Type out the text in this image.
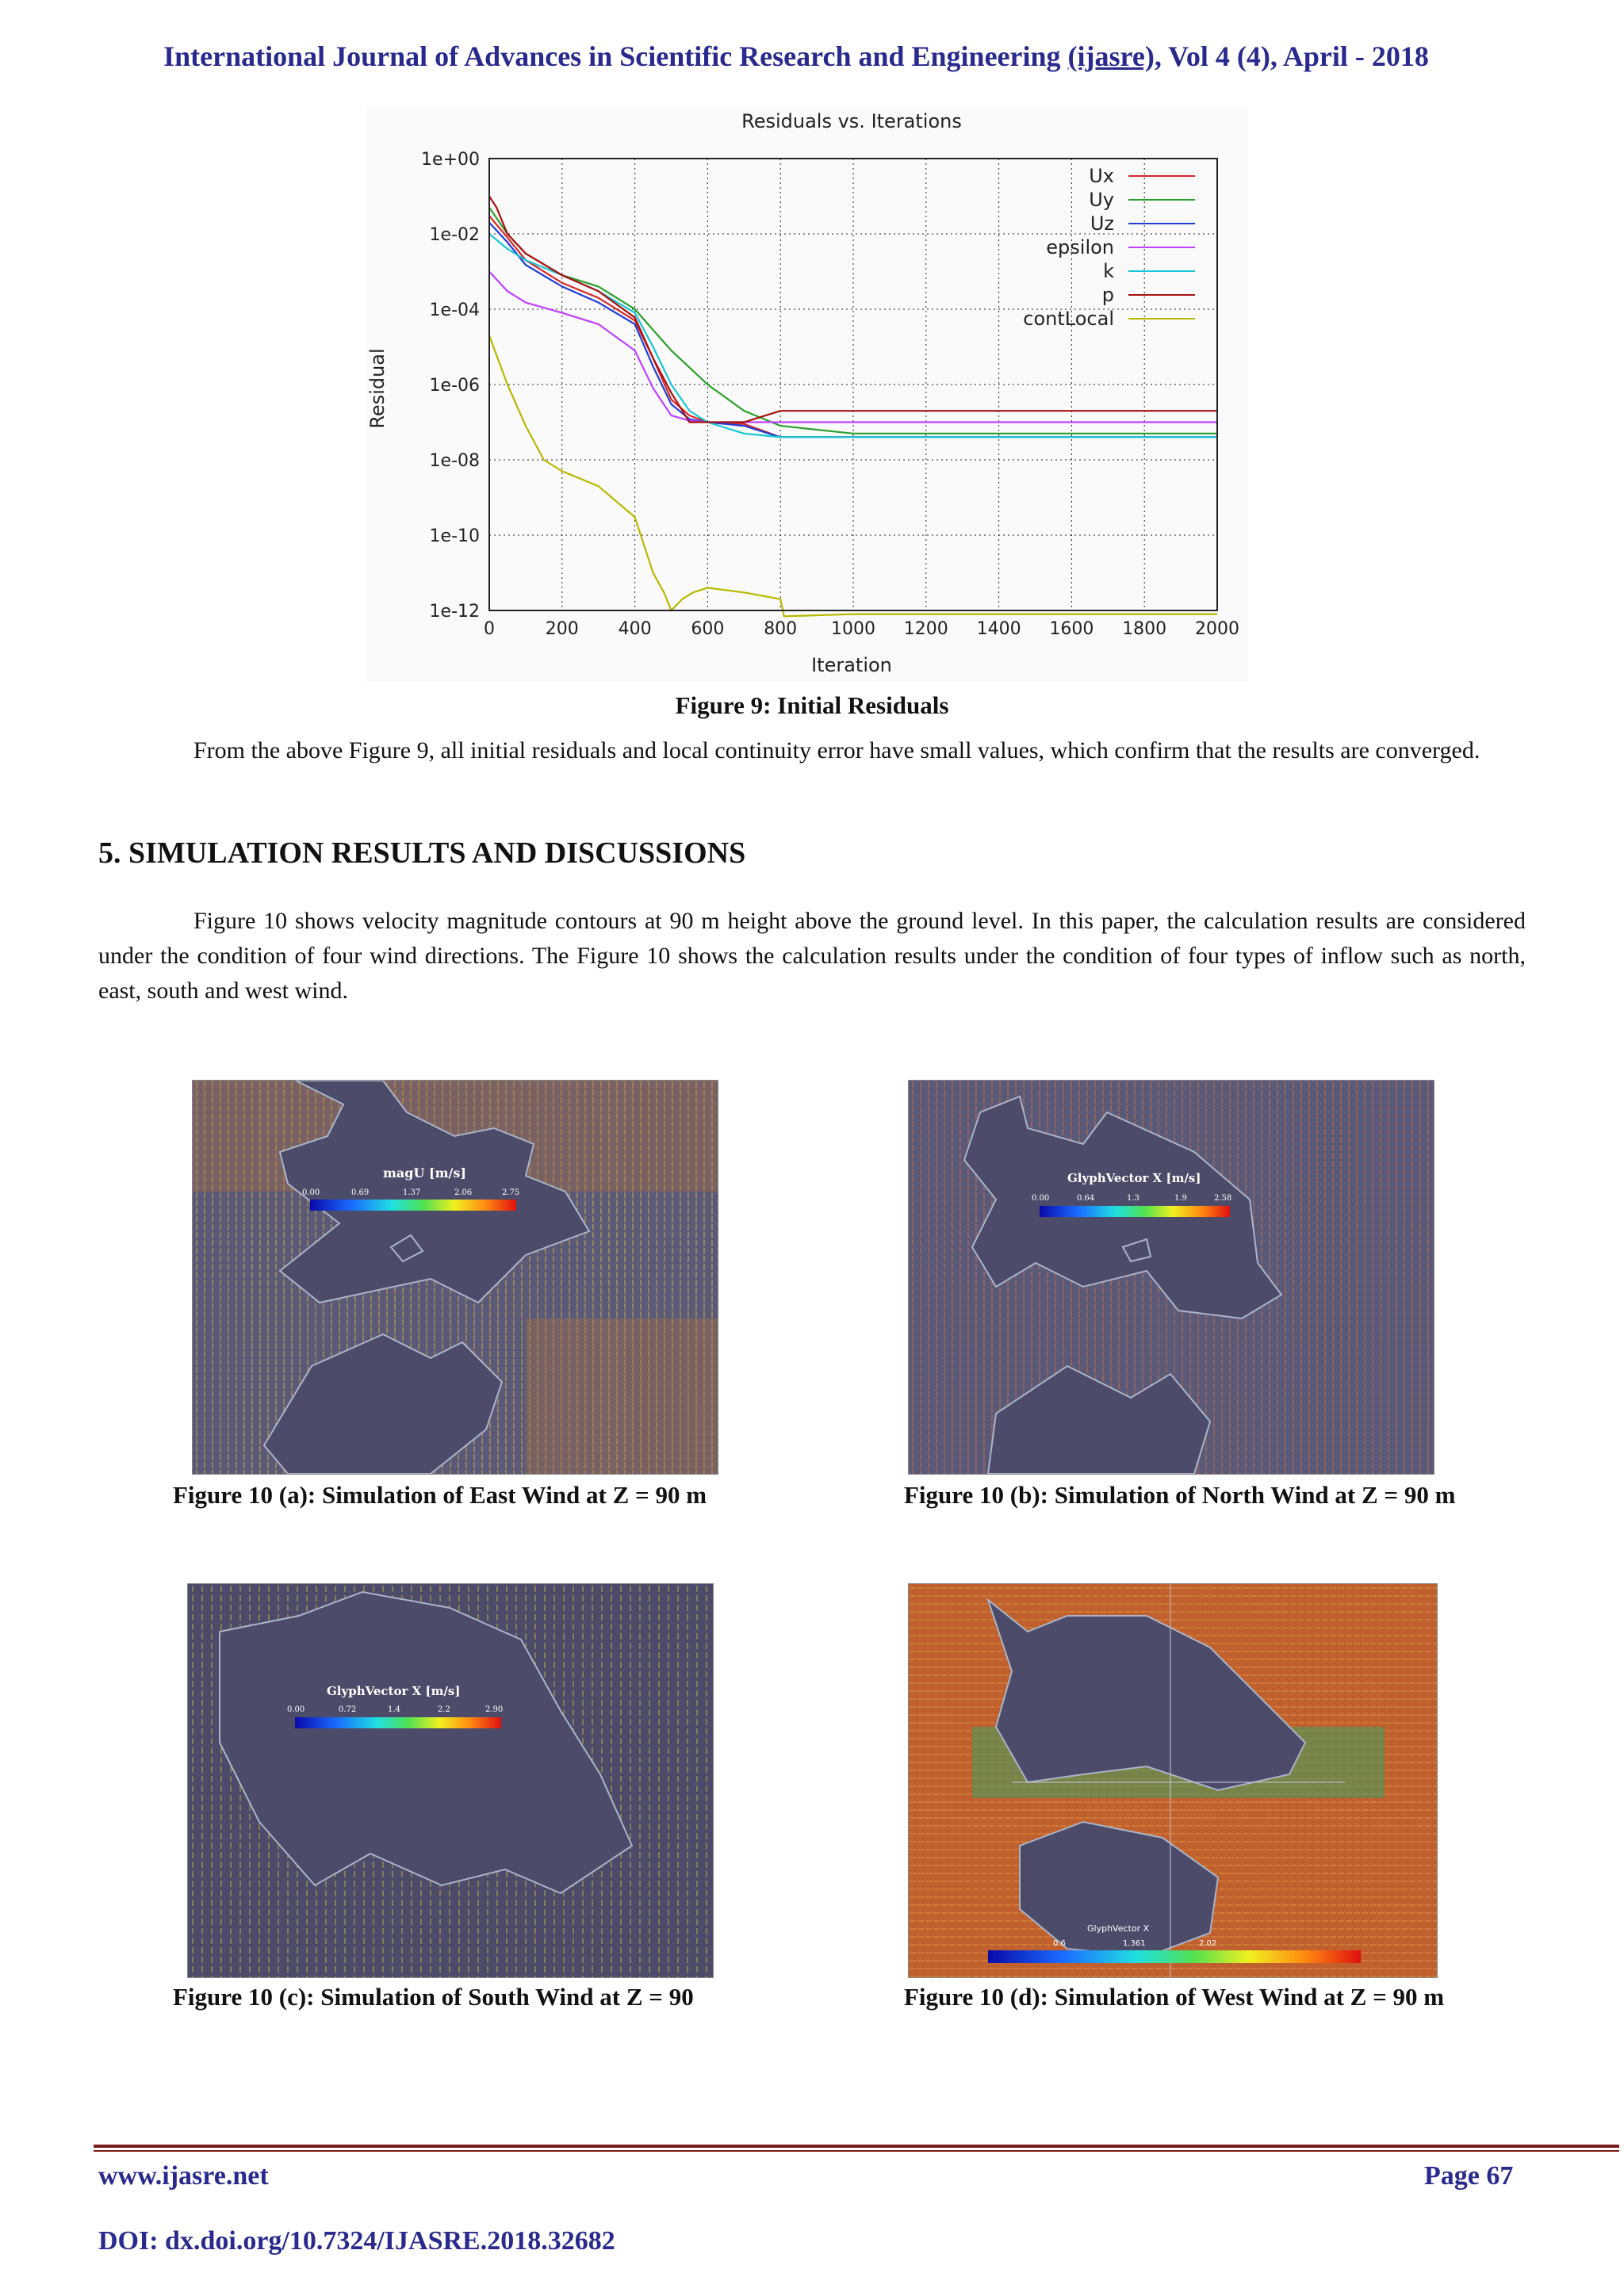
International Journal of Advances in Scientific Research and Engineering (ijasre), Vol 4 (4), April - 2018
Residuals vs. Iterations
Residual
Iteration
0	200 400 600 800 1000 1200 1400 1600 1800 2000
1e+00
1e-02
1e-04
1e-06
1e-08
1e-10
1e-12
Ux
Uy
Uz
epsilon
k
p
contLocal
Figure 9: Initial Residuals
From the above Figure 9, all initial residuals and local continuity error have small values, which confirm that the results are converged.
5. SIMULATION RESULTS AND DISCUSSIONS
Figure 10 shows velocity magnitude contours at 90 m height above the ground level. In this paper, the calculation results are considered under the condition of four wind directions. The Figure 10 shows the calculation results under the condition of four types of inflow such as north, east, south and west wind.
magU [m/s]
0.00	0.69	1.37	2.06	2.75
Figure 10 (a): Simulation of East Wind at Z = 90 m
GlyphVector X [m/s]
0.00	0.64	1.3	1.9	2.58
Figure 10 (b): Simulation of North Wind at Z = 90 m
GlyphVector X [m/s]
0.00	0.72	1.4	2.2	2.90
Figure 10 (c): Simulation of South Wind at Z = 90
GlyphVector X
0.6	1.361	2.02
Figure 10 (d): Simulation of West Wind at Z = 90 m
www.ijasre.net	Page 67
DOI: dx.doi.org/10.7324/IJASRE.2018.32682
